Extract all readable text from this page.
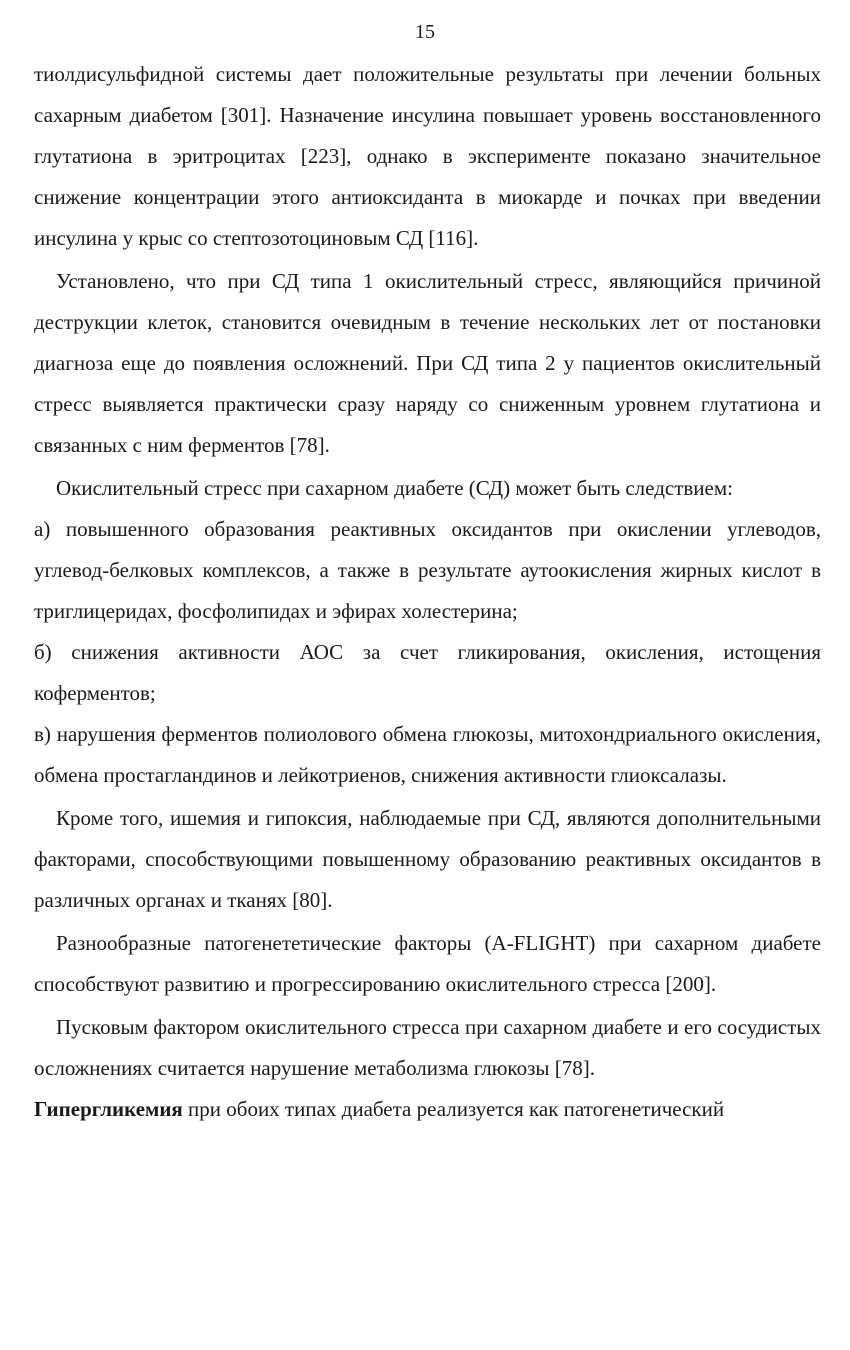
15

тиолдисульфидной системы дает положительные результаты при лечении больных сахарным диабетом [301]. Назначение инсулина повышает уровень восстановленного глутатиона в эритроцитах [223], однако в эксперименте показано значительное снижение концентрации этого антиоксиданта в миокарде и почках при введении инсулина у крыс со стептозотоциновым СД [116].

Установлено, что при СД типа 1 окислительный стресс, являющийся причиной деструкции клеток, становится очевидным в течение нескольких лет от постановки диагноза еще до появления осложнений. При СД типа 2 у пациентов окислительный стресс выявляется практически сразу наряду со сниженным уровнем глутатиона и связанных с ним ферментов [78].

Окислительный стресс при сахарном диабете (СД) может быть следствием:

а) повышенного образования реактивных оксидантов при окислении углеводов, углевод-белковых комплексов, а также в результате аутоокисления жирных кислот в триглицеридах, фосфолипидах и эфирах холестерина;

б) снижения активности АОС за счет гликирования, окисления, истощения коферментов;

в) нарушения ферментов полиолового обмена глюкозы, митохондриального окисления, обмена простагландинов и лейкотриенов, снижения активности глиоксалазы.

Кроме того, ишемия и гипоксия, наблюдаемые при СД, являются дополнительными факторами, способствующими повышенному образованию реактивных оксидантов в различных органах и тканях [80].

Разнообразные патогенететические факторы (A-FLIGHT) при сахарном диабете способствуют развитию и прогрессированию окислительного стресса [200].

Пусковым фактором окислительного стресса при сахарном диабете и его сосудистых осложнениях считается нарушение метаболизма глюкозы [78].

Гипергликемия при обоих типах диабета реализуется как патогенетический
